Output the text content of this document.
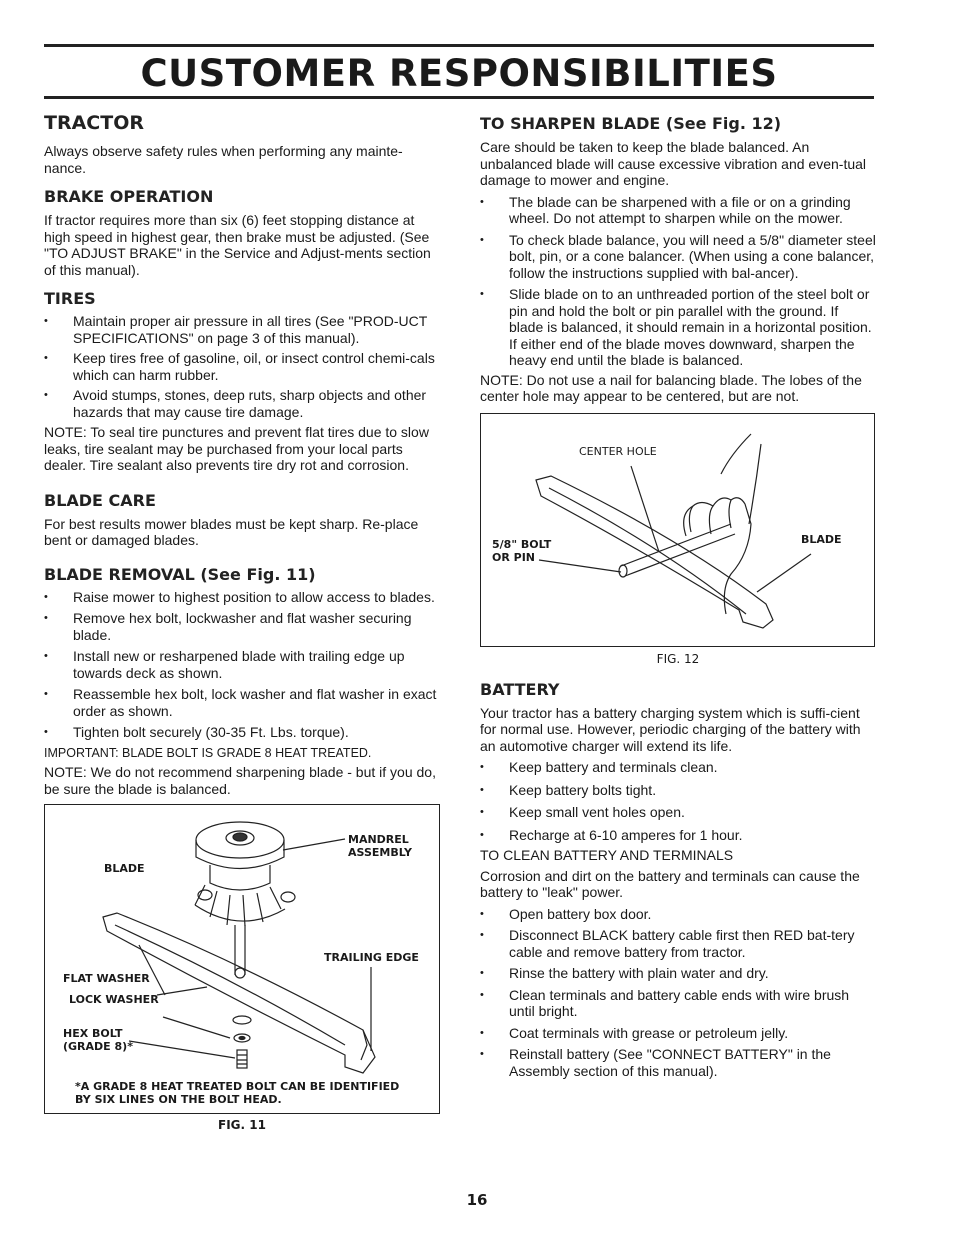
CUSTOMER RESPONSIBILITIES
TRACTOR

Always observe safety rules when performing any mainte-nance.

BRAKE OPERATION

If tractor requires more than six (6) feet stopping distance at high speed in highest gear, then brake must be adjusted. (See "TO ADJUST BRAKE" in the Service and Adjust-ments section of this manual).

TIRES
• Maintain proper air pressure in all tires (See "PROD-UCT SPECIFICATIONS" on page 3 of this manual).
• Keep tires free of gasoline, oil, or insect control chemi-cals which can harm rubber.
• Avoid stumps, stones, deep ruts, sharp objects and other hazards that may cause tire damage.

NOTE: To seal tire punctures and prevent flat tires due to slow leaks, tire sealant may be purchased from your local parts dealer. Tire sealant also prevents tire dry rot and corrosion.

BLADE CARE

For best results mower blades must be kept sharp. Re-place bent or damaged blades.

BLADE REMOVAL (See Fig. 11)
• Raise mower to highest position to allow access to blades.
• Remove hex bolt, lockwasher and flat washer securing blade.
• Install new or resharpened blade with trailing edge up towards deck as shown.
• Reassemble hex bolt, lock washer and flat washer in exact order as shown.
• Tighten bolt securely (30-35 Ft. Lbs. torque).

IMPORTANT: BLADE BOLT IS GRADE 8 HEAT TREATED.

NOTE: We do not recommend sharpening blade - but if you do, be sure the blade is balanced.

MANDREL ASSEMBLY
BLADE
TRAILING EDGE
FLAT WASHER
LOCK WASHER
HEX BOLT (GRADE 8)*
*A GRADE 8 HEAT TREATED BOLT CAN BE IDENTIFIED BY SIX LINES ON THE BOLT HEAD.
FIG. 11
TO SHARPEN BLADE (See Fig. 12)

Care should be taken to keep the blade balanced. An unbalanced blade will cause excessive vibration and even-tual damage to mower and engine.

• The blade can be sharpened with a file or on a grinding wheel. Do not attempt to sharpen while on the mower.
• To check blade balance, you will need a 5/8" diameter steel bolt, pin, or a cone balancer. (When using a cone balancer, follow the instructions supplied with bal-ancer).
• Slide blade on to an unthreaded portion of the steel bolt or pin and hold the bolt or pin parallel with the ground. If blade is balanced, it should remain in a horizontal position. If either end of the blade moves downward, sharpen the heavy end until the blade is balanced.

NOTE: Do not use a nail for balancing blade. The lobes of the center hole may appear to be centered, but are not.

CENTER HOLE
5/8" BOLT OR PIN
BLADE
FIG. 12
BATTERY

Your tractor has a battery charging system which is suffi-cient for normal use. However, periodic charging of the battery with an automotive charger will extend its life.

• Keep battery and terminals clean.
• Keep battery bolts tight.
• Keep small vent holes open.
• Recharge at 6-10 amperes for 1 hour.

TO CLEAN BATTERY AND TERMINALS

Corrosion and dirt on the battery and terminals can cause the battery to "leak" power.

• Open battery box door.
• Disconnect BLACK battery cable first then RED bat-tery cable and remove battery from tractor.
• Rinse the battery with plain water and dry.
• Clean terminals and battery cable ends with wire brush until bright.
• Coat terminals with grease or petroleum jelly.
• Reinstall battery (See "CONNECT BATTERY" in the Assembly section of this manual).

16
